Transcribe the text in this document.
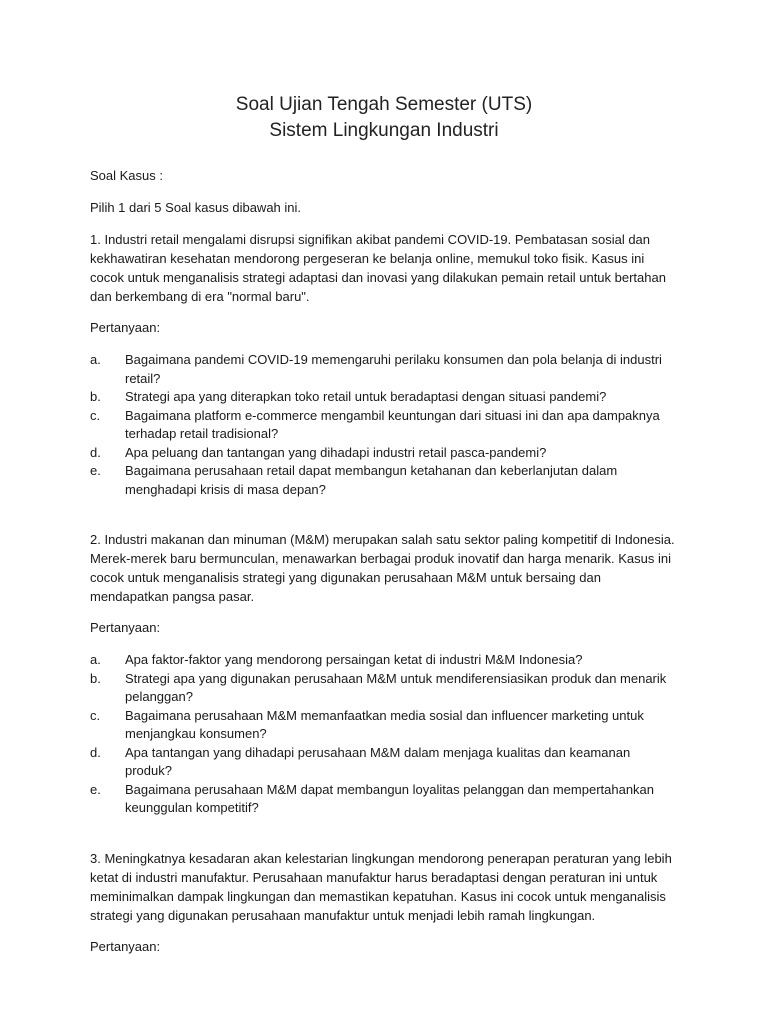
Soal Ujian Tengah Semester (UTS)
Sistem Lingkungan Industri

Soal Kasus :

Pilih 1 dari 5 Soal kasus dibawah ini.

1. Industri retail mengalami disrupsi signifikan akibat pandemi COVID-19. Pembatasan sosial dan kekhawatiran kesehatan mendorong pergeseran ke belanja online, memukul toko fisik. Kasus ini cocok untuk menganalisis strategi adaptasi dan inovasi yang dilakukan pemain retail untuk bertahan dan berkembang di era "normal baru".

Pertanyaan:

a.	Bagaimana pandemi COVID-19 memengaruhi perilaku konsumen dan pola belanja di industri retail?
b.	Strategi apa yang diterapkan toko retail untuk beradaptasi dengan situasi pandemi?
c.	Bagaimana platform e-commerce mengambil keuntungan dari situasi ini dan apa dampaknya terhadap retail tradisional?
d.	Apa peluang dan tantangan yang dihadapi industri retail pasca-pandemi?
e.	Bagaimana perusahaan retail dapat membangun ketahanan dan keberlanjutan dalam menghadapi krisis di masa depan?

2. Industri makanan dan minuman (M&M) merupakan salah satu sektor paling kompetitif di Indonesia. Merek-merek baru bermunculan, menawarkan berbagai produk inovatif dan harga menarik. Kasus ini cocok untuk menganalisis strategi yang digunakan perusahaan M&M untuk bersaing dan mendapatkan pangsa pasar.

Pertanyaan:

a.	Apa faktor-faktor yang mendorong persaingan ketat di industri M&M Indonesia?
b.	Strategi apa yang digunakan perusahaan M&M untuk mendiferensiasikan produk dan menarik pelanggan?
c.	Bagaimana perusahaan M&M memanfaatkan media sosial dan influencer marketing untuk menjangkau konsumen?
d.	Apa tantangan yang dihadapi perusahaan M&M dalam menjaga kualitas dan keamanan produk?
e.	Bagaimana perusahaan M&M dapat membangun loyalitas pelanggan dan mempertahankan keunggulan kompetitif?

3. Meningkatnya kesadaran akan kelestarian lingkungan mendorong penerapan peraturan yang lebih ketat di industri manufaktur. Perusahaan manufaktur harus beradaptasi dengan peraturan ini untuk meminimalkan dampak lingkungan dan memastikan kepatuhan. Kasus ini cocok untuk menganalisis strategi yang digunakan perusahaan manufaktur untuk menjadi lebih ramah lingkungan.

Pertanyaan:
